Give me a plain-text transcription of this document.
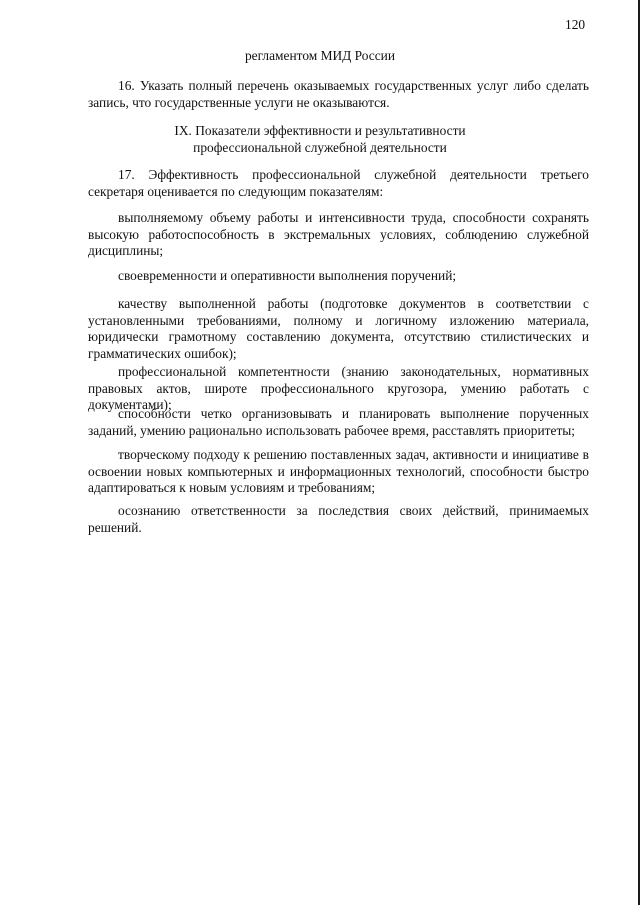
120
регламентом МИД России

16. Указать полный перечень оказываемых государственных услуг либо сделать запись, что государственные услуги не оказываются.

IX. Показатели эффективности и результативности
профессиональной служебной деятельности

17. Эффективность профессиональной служебной деятельности третьего секретаря оценивается по следующим показателям:

выполняемому объему работы и интенсивности труда, способности сохранять высокую работоспособность в экстремальных условиях, соблюдению служебной дисциплины;

своевременности и оперативности выполнения поручений;

качеству выполненной работы (подготовке документов в соответствии с установленными требованиями, полному и логичному изложению материала, юридически грамотному составлению документа, отсутствию стилистических и грамматических ошибок);

профессиональной компетентности (знанию законодательных, нормативных правовых актов, широте профессионального кругозора, умению работать с документами);

способности четко организовывать и планировать выполнение порученных заданий, умению рационально использовать рабочее время, расставлять приоритеты;

творческому подходу к решению поставленных задач, активности и инициативе в освоении новых компьютерных и информационных технологий, способности быстро адаптироваться к новым условиям и требованиям;

осознанию ответственности за последствия своих действий, принимаемых решений.
